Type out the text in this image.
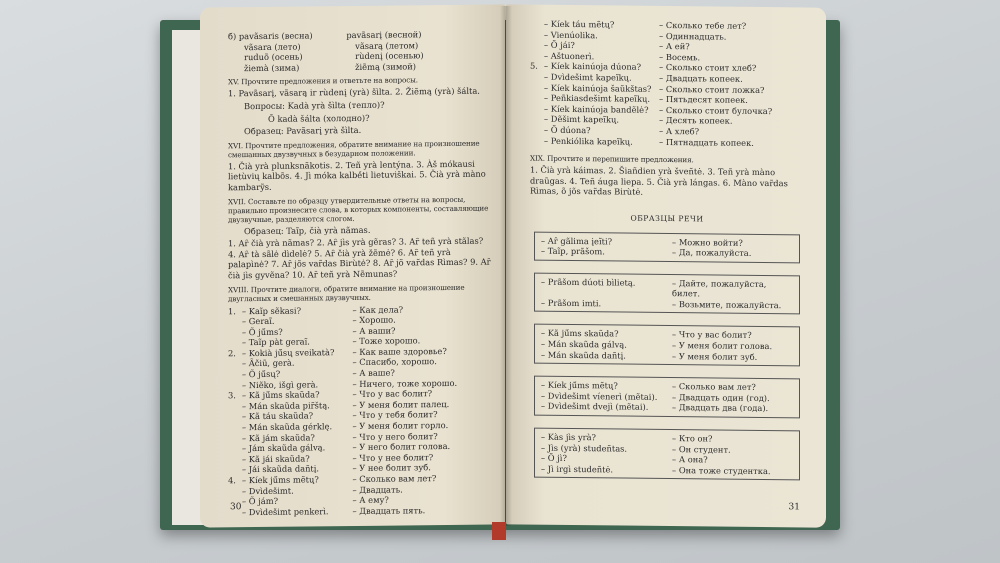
б) pavãsaris (весна)	pavãsarį (весной)
vãsara (лето)	vãsarą (летом)
ruduõ (осень)	rùdenį (осенью)
žiemà (зима)	žiẽmą (зимой)
XV. Прочтите предложения и ответьте на вопросы.
1. Pavãsarį, vãsarą ir rùdenį (yrà) šìlta. 2. Žiẽmą (yrà) šálta.
Вопросы: Kadà yrà šìlta (тепло)?
Õ kadà šálta (холодно)?
Образец: Pavãsarį yrà šìlta.
XVI. Прочтите предложения, обратите внимание на произношение смешанных двузвучных в безударном положении.
1. Čià yrà plunksnãkotis. 2. Teñ yrà lentýna. 3. Àš mókausi lietùvių kalbõs. 4. Jì móka kalbė́ti lietuviškai. 5. Čià yrà màno kambarỹs.
XVII. Составьте по образцу утвердительные ответы на вопросы, правильно произнесите слова, в которых компоненты, составляющие двузвучные, разделяются слогом.
Образец: Taĩp, čià yrà nãmas.
1. Aȓ čià yrà nãmas? 2. Aȓ jìs yrà gẽras? 3. Aȓ teñ yrà stãlas? 4. Aȓ tà sãlė dìdelė? 5. Aȓ čià yrà žẽmė? 6. Aȓ teñ yrà palapìnė? 7. Aȓ jõs var̃das Birùtė? 8. Aȓ jõ var̃das Rìmas? 9. Aȓ čià jìs gyvẽna? 10. Aȓ teñ yrà Nẽmunas?
XVIII. Прочтите диалоги, обратите внимание на произношение двугласных и смешанных двузвучных.
1. – Kaĩp sẽkasi?	– Как дела?
– Geraĩ.	– Хорошо.
– Õ jū́ms?	– А ваши?
– Taĩp pàt geraĩ.	– Тоже хорошо.
2. – Kokià jū́sų sveikatà?	– Как ваше здоровье?
– Ãčiū, gerà.	– Спасибо, хорошо.
– Õ jū́sų?	– А ваше?
– Niẽko, išgì gerà.	– Ничего, тоже хорошо.
3. – Kã jū́ms skaũda?	– Что у вас болит?
– Mán skaũda pir̃štą.	– У меня болит палец.
– Kã táu skaũda?	– Что у тебя болит?
– Mán skaũda gérklę.	– У меня болит горло.
– Kã jám skaũda?	– Что у него болит?
– Jám skaũda gálvą.	– У него болит голова.
– Kã jái skaũda?	– Что у нее болит?
– Jái skaũda dañtį.	– У нее болит зуб.
4. – Kíek jū́ms mẽtų?	– Сколько вам лет?
– Dvìdešimt.	– Двадцать.
– Õ jám?	– А ему?
– Dvìdešimt penkerì.	– Двадцать пять.
30
– Kíek táu mẽtų?	– Сколько тебе лет?
– Vienúolika.	– Одиннадцать.
– Õ jái?	– А ей?
– Aštuonerì.	– Восемь.
5. – Kíek kainúoja dúona?	– Сколько стоит хлеб?
– Dvìdešimt kapeĩkų.	– Двадцать копеек.
– Kíek kainúoja šaũkštas? – Сколько стоит ложка?
– Peñkiasdešimt kapeĩkų.	– Пятьдесят копеек.
– Kíek kainúoja bandẽlė?	– Сколько стоит булочка?
– Dẽšimt kapeĩkų.	– Десять копеек.
– Õ dúona?	– А хлеб?
– Penkiólika kapeĩkų.	– Пятнадцать копеек.
XIX. Прочтите и перепишите предложения.
1. Čià yrà káimas. 2. Šiañdien yrà šveñtė. 3. Teñ yrà màno draũgas. 4. Teñ áuga liepa. 5. Čià yrà lángas. 6. Màno var̃das Rìmas, õ jõs var̃das Birùtė.
ОБРАЗЦЫ РЕЧИ
– Aȓ gãlima įeĩti?	– Можно войти?
– Taĩp, prãšom.	– Да, пожалуйста.
– Prãšom dúoti bìlietą.	– Дайте, пожалуйста, билет.
– Prãšom imti.	– Возьмите, пожалуйста.
– Kã jū́ms skaũda?	– Что у вас болит?
– Mán skaũda gálvą.	– У меня болит голова.
– Mán skaũda dañtį.	– У меня болит зуб.
– Kíek jū́ms mẽtų?	– Сколько вам лет?
– Dvìdešimt víenerì (mẽtai).	– Двадцать один (год).
– Dvìdešimt dvejì (mẽtai).	– Двадцать два (года).
– Kàs jìs yrà?	– Кто он?
– Jìs (yrà) studeñtas.	– Он студент.
– Õ jì?	– А она?
– Jì irgì studeñtė.	– Она тоже студентка.
31
